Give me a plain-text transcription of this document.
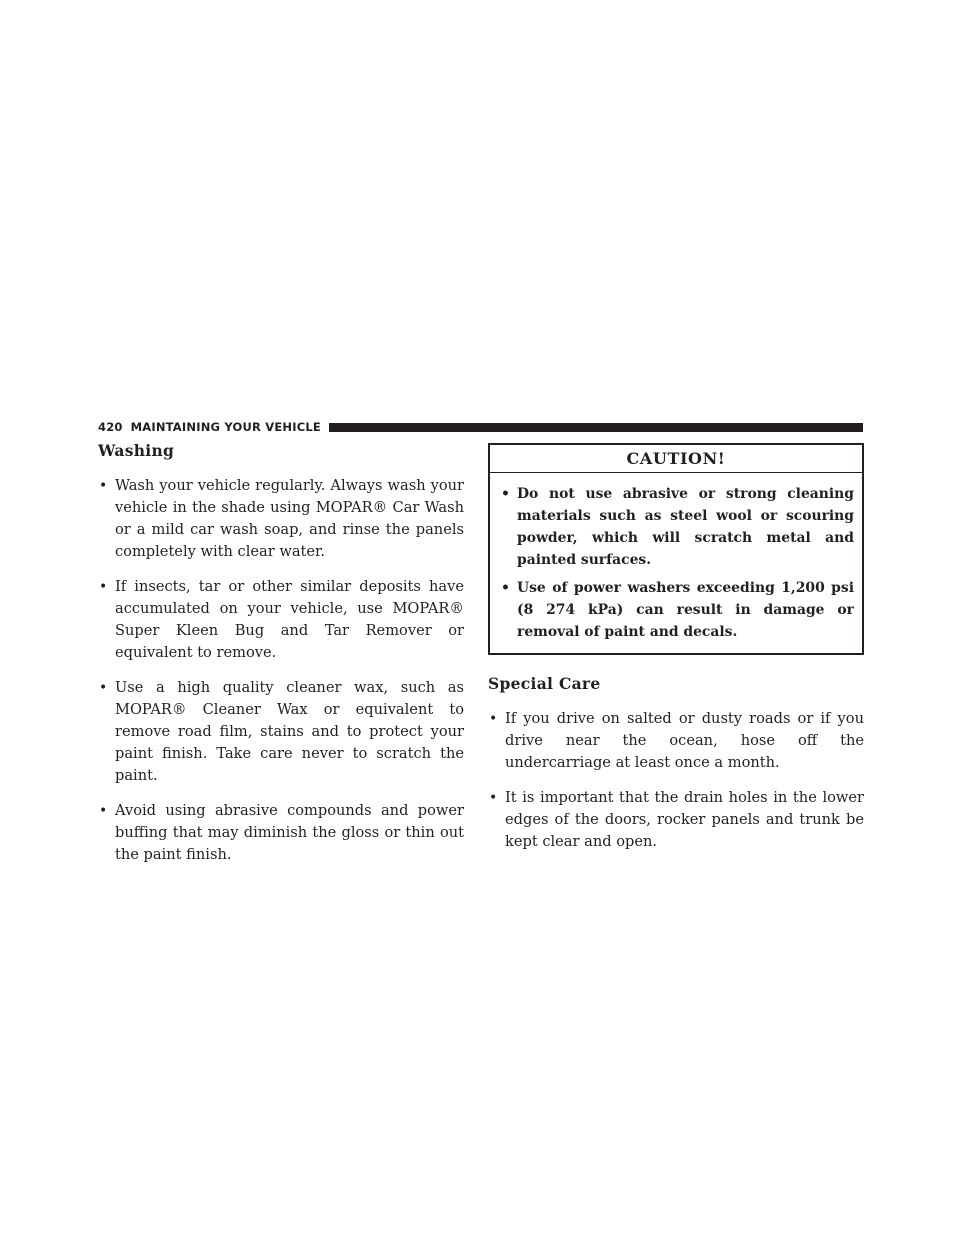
420 MAINTAINING YOUR VEHICLE
Washing
• Wash your vehicle regularly. Always wash your vehicle in the shade using MOPAR® Car Wash or a mild car wash soap, and rinse the panels completely with clear water.
• If insects, tar or other similar deposits have accumulated on your vehicle, use MOPAR® Super Kleen Bug and Tar Remover or equivalent to remove.
• Use a high quality cleaner wax, such as MOPAR® Cleaner Wax or equivalent to remove road film, stains and to protect your paint finish. Take care never to scratch the paint.
• Avoid using abrasive compounds and power buffing that may diminish the gloss or thin out the paint finish.
CAUTION!
• Do not use abrasive or strong cleaning materials such as steel wool or scouring powder, which will scratch metal and painted surfaces.
• Use of power washers exceeding 1,200 psi (8 274 kPa) can result in damage or removal of paint and decals.
Special Care
• If you drive on salted or dusty roads or if you drive near the ocean, hose off the undercarriage at least once a month.
• It is important that the drain holes in the lower edges of the doors, rocker panels and trunk be kept clear and open.
